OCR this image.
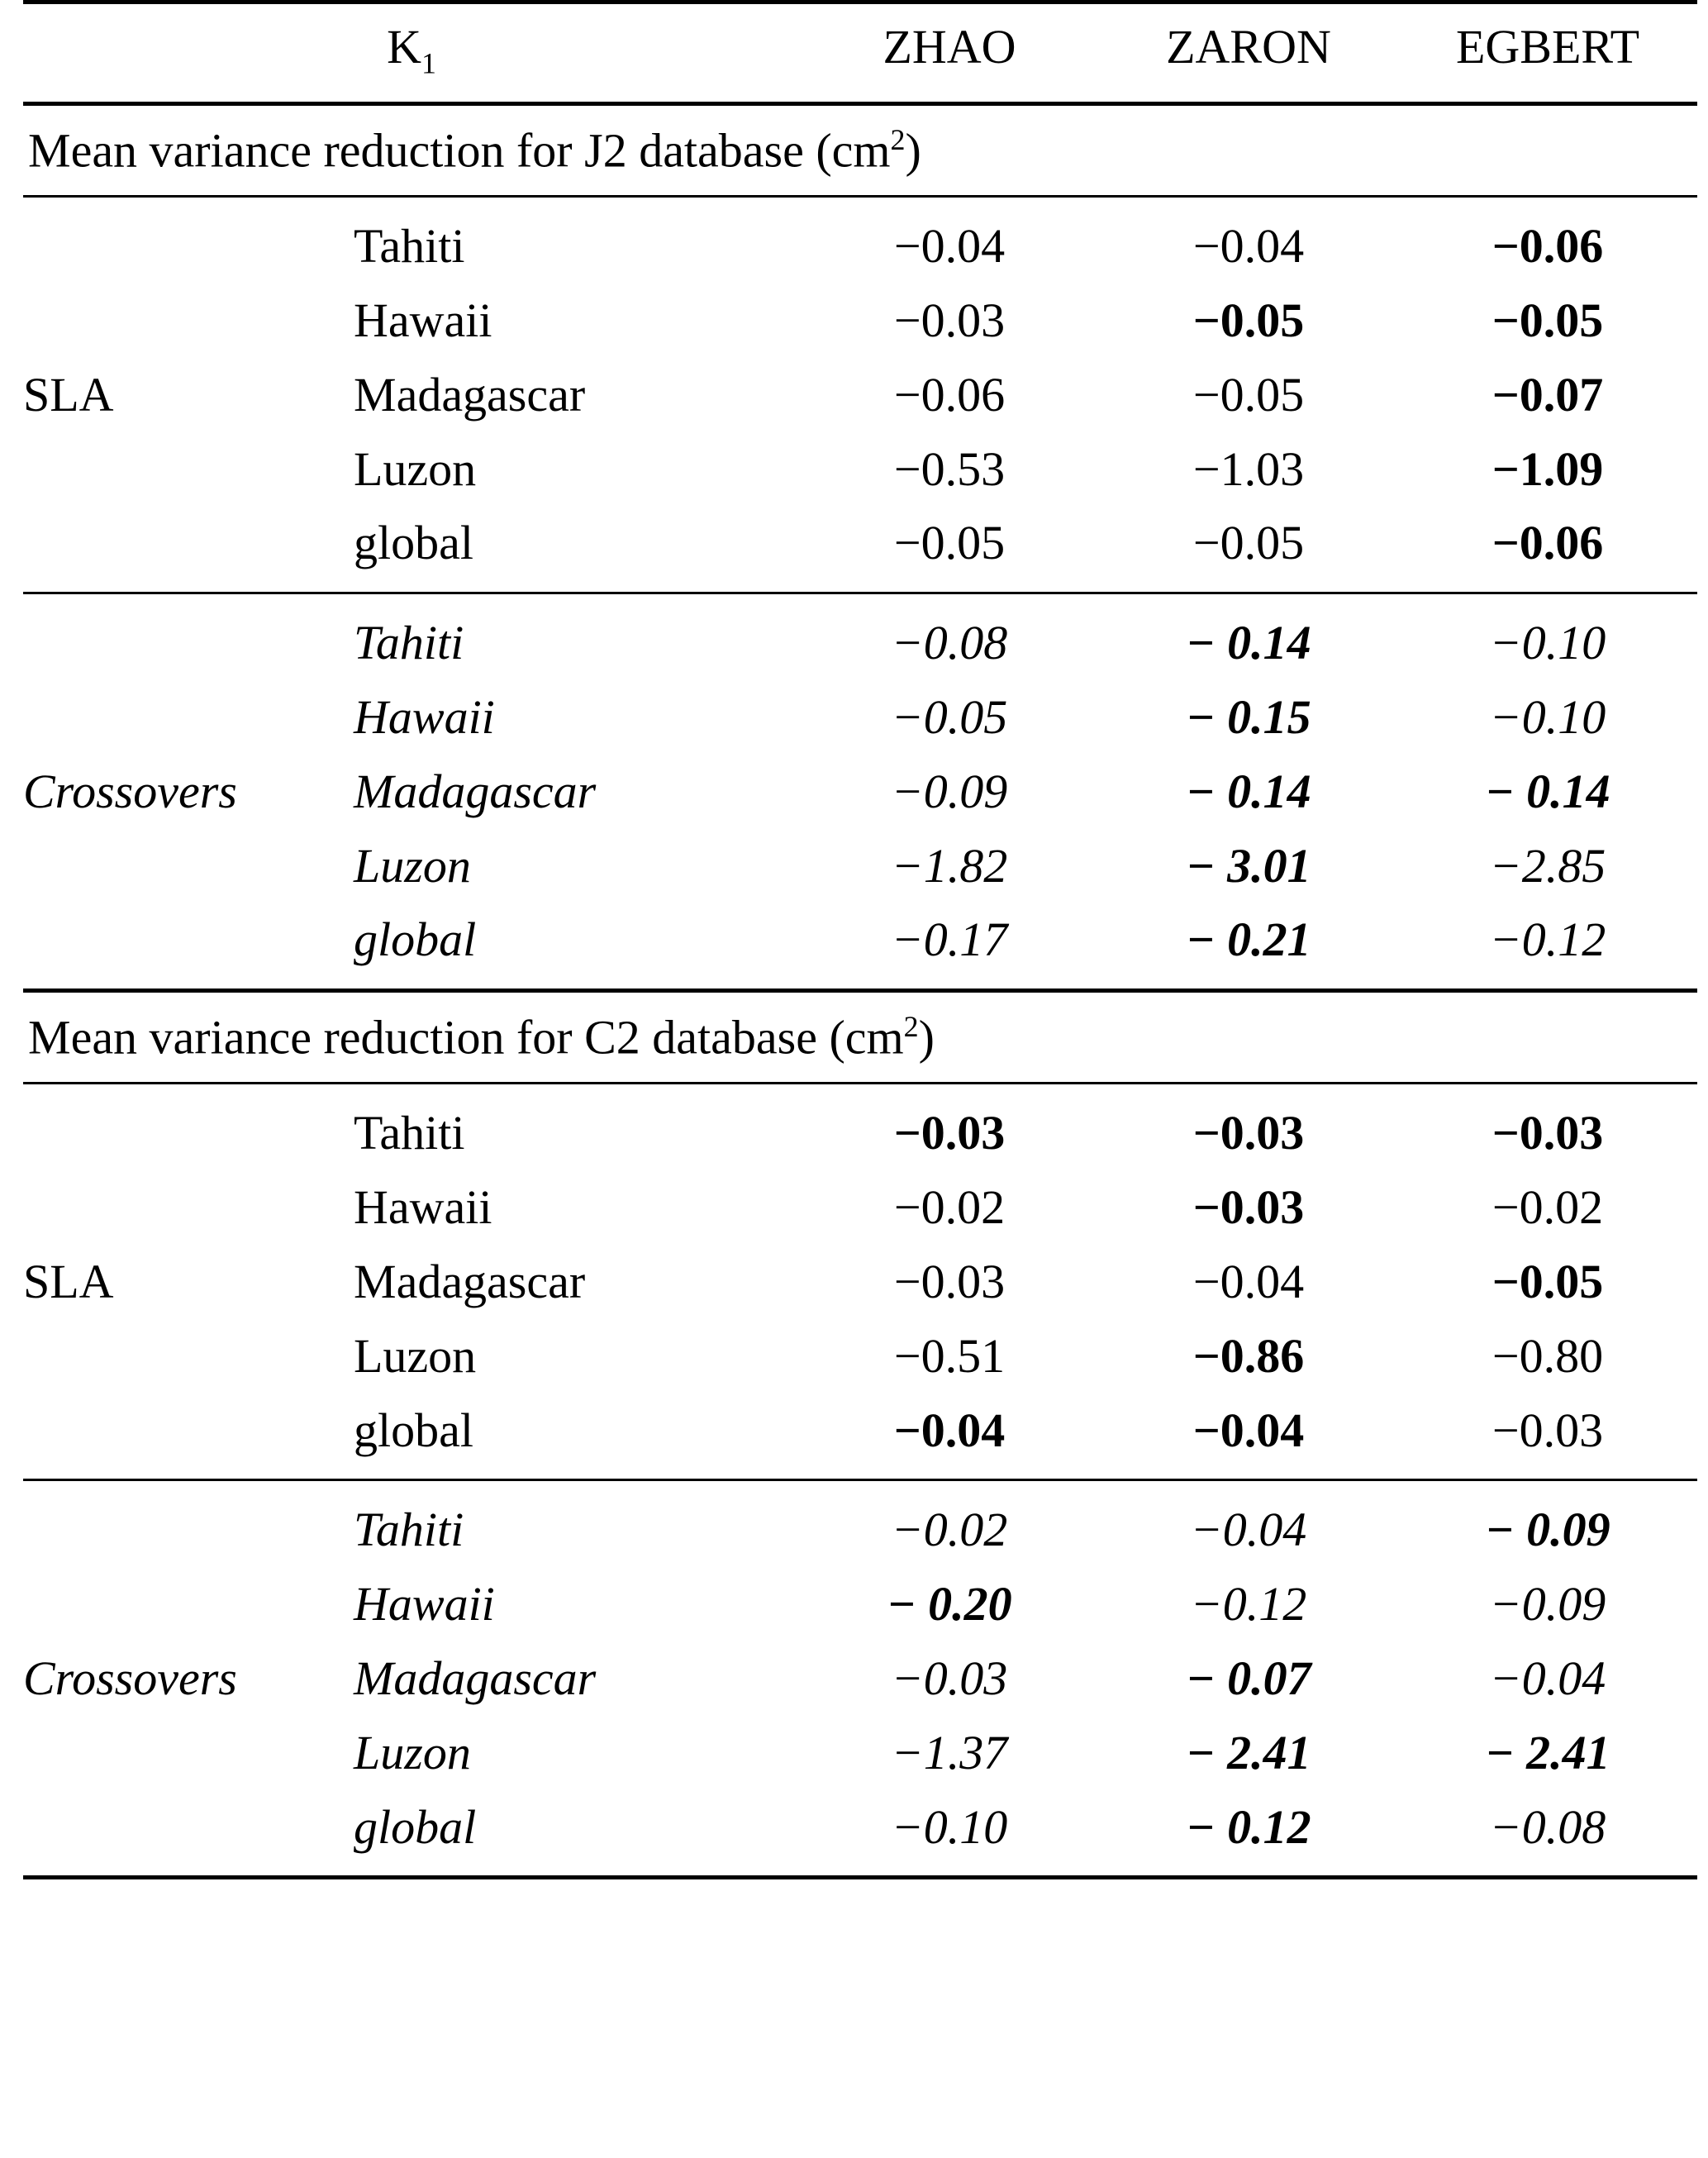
$K_1$		ZHAO	ZARON	EGBERT

Mean variance reduction for J2 database $(cm^2)$				

SLA	Tahiti	−0.04	−0.04	−0.06
	Hawaii	−0.03	−0.05	−0.05
	Madagascar	−0.06	−0.05	−0.07
	Luzon	−0.53	−1.03	−1.09
	global	−0.05	−0.05	−0.06

Crossovers	Tahiti	−0.08	− 0.14	−0.10
	Hawaii	−0.05	− 0.15	−0.10
	Madagascar	−0.09	− 0.14	− 0.14
	Luzon	−1.82	− 3.01	−2.85
	global	−0.17	− 0.21	−0.12

Mean variance reduction for C2 database $(cm^2)$				

SLA	Tahiti	−0.03	−0.03	−0.03
	Hawaii	−0.02	−0.03	−0.02
	Madagascar	−0.03	−0.04	−0.05
	Luzon	−0.51	−0.86	−0.80
	global	−0.04	−0.04	−0.03

Crossovers	Tahiti	−0.02	−0.04	− 0.09
	Hawaii	− 0.20	−0.12	−0.09
	Madagascar	−0.03	− 0.07	−0.04
	Luzon	−1.37	− 2.41	− 2.41
	global	−0.10	− 0.12	−0.08
